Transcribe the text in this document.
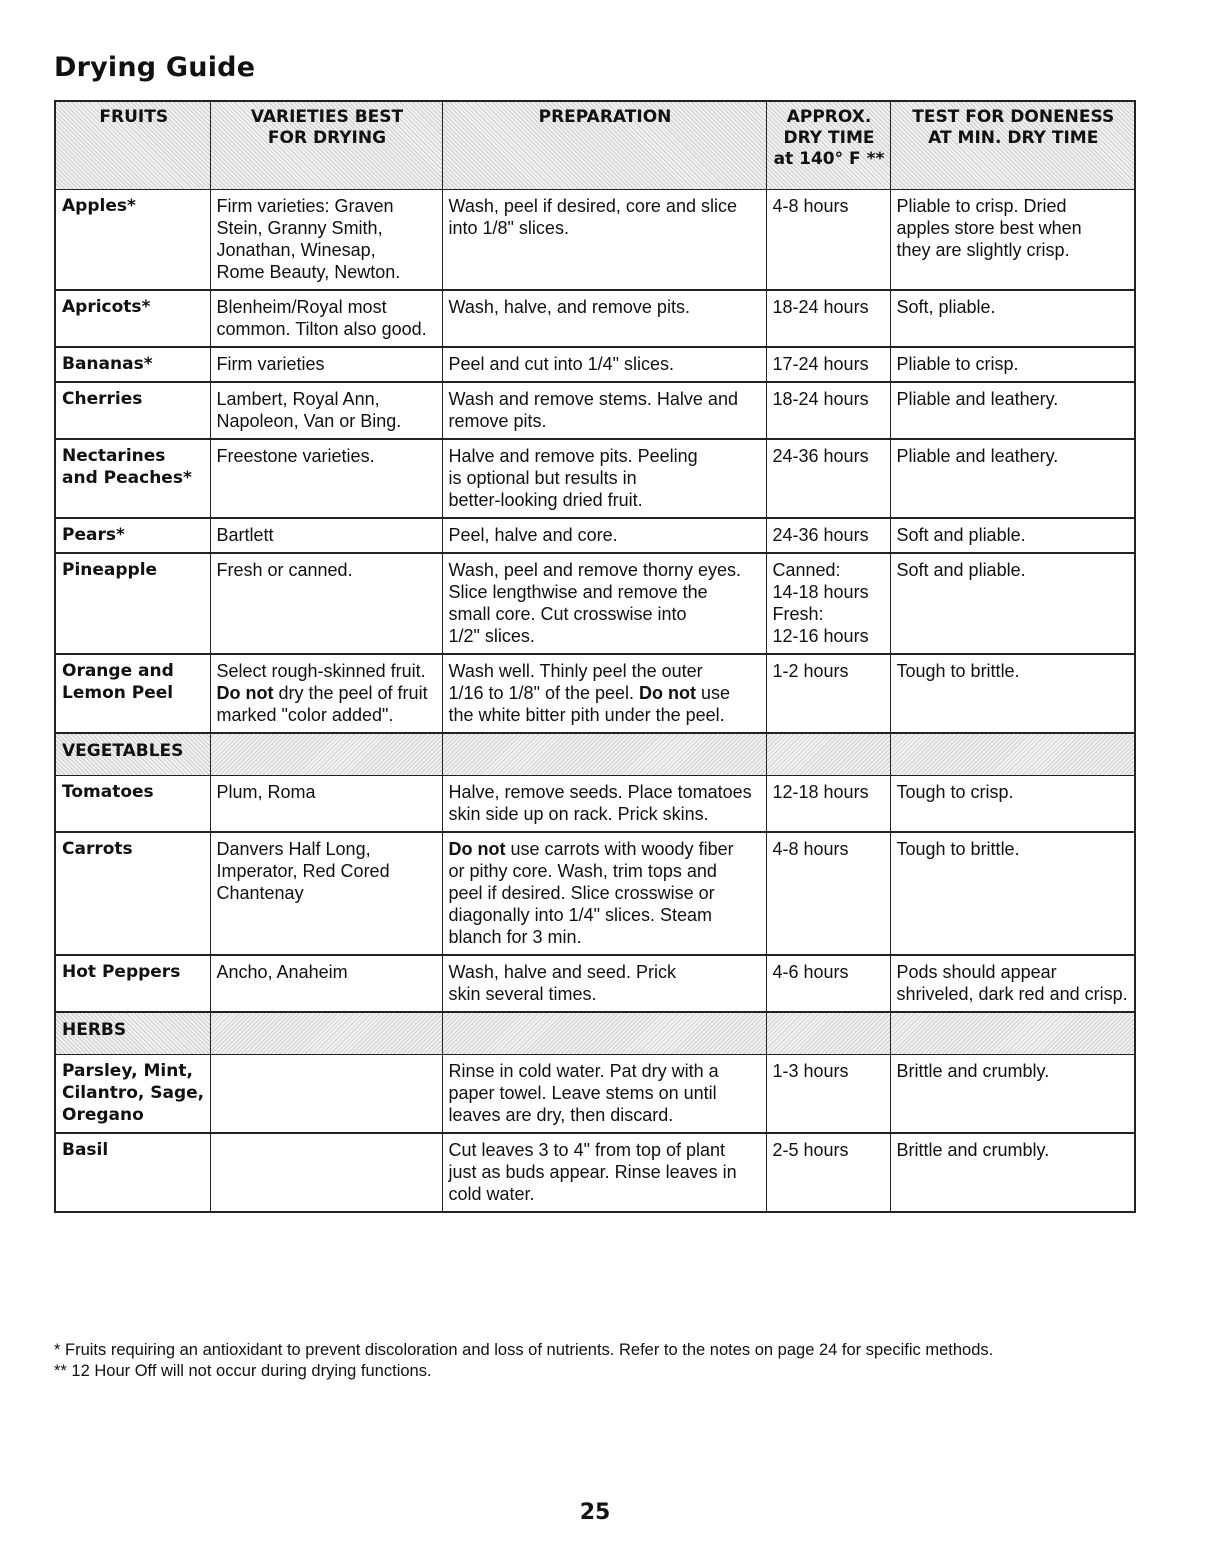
Drying Guide
FRUITS	VARIETIES BEST
FOR DRYING	PREPARATION	APPROX.
DRY TIME
at 140° F **	TEST FOR DONENESS
AT MIN. DRY TIME

Apples*	Firm varieties: Graven
Stein, Granny Smith,
Jonathan, Winesap,
Rome Beauty, Newton.	Wash, peel if desired, core and slice
into 1/8" slices.	4-8 hours	Pliable to crisp. Dried
apples store best when
they are slightly crisp.

Apricots*	Blenheim/Royal most
common. Tilton also good.	Wash, halve, and remove pits.	18-24 hours	Soft, pliable.

Bananas*	Firm varieties	Peel and cut into 1/4" slices.	17-24 hours	Pliable to crisp.

Cherries	Lambert, Royal Ann,
Napoleon, Van or Bing.	Wash and remove stems. Halve and
remove pits.	18-24 hours	Pliable and leathery.

Nectarines
and Peaches*	Freestone varieties.	Halve and remove pits. Peeling
is optional but results in
better-looking dried fruit.	24-36 hours	Pliable and leathery.

Pears*	Bartlett	Peel, halve and core.	24-36 hours	Soft and pliable.

Pineapple	Fresh or canned.	Wash, peel and remove thorny eyes.
Slice lengthwise and remove the
small core. Cut crosswise into
1/2" slices.	Canned:
14-18 hours
Fresh:
12-16 hours	Soft and pliable.

Orange and
Lemon Peel	Select rough-skinned fruit.
Do not dry the peel of fruit
marked "color added".	Wash well. Thinly peel the outer
1/16 to 1/8" of the peel. Do not use
the white bitter pith under the peel.	1-2 hours	Tough to brittle.

VEGETABLES				

Tomatoes	Plum, Roma	Halve, remove seeds. Place tomatoes
skin side up on rack. Prick skins.	12-18 hours	Tough to crisp.

Carrots	Danvers Half Long,
Imperator, Red Cored
Chantenay	Do not use carrots with woody fiber
or pithy core. Wash, trim tops and
peel if desired. Slice crosswise or
diagonally into 1/4" slices. Steam
blanch for 3 min.	4-8 hours	Tough to brittle.

Hot Peppers	Ancho, Anaheim	Wash, halve and seed. Prick
skin several times.	4-6 hours	Pods should appear
shriveled, dark red and crisp.

HERBS				

Parsley, Mint,
Cilantro, Sage,
Oregano		Rinse in cold water. Pat dry with a
paper towel. Leave stems on until
leaves are dry, then discard.	1-3 hours	Brittle and crumbly.

Basil		Cut leaves 3 to 4" from top of plant
just as buds appear. Rinse leaves in
cold water.	2-5 hours	Brittle and crumbly.
* Fruits requiring an antioxidant to prevent discoloration and loss of nutrients. Refer to the notes on page 24 for specific methods.
** 12 Hour Off will not occur during drying functions.
25
